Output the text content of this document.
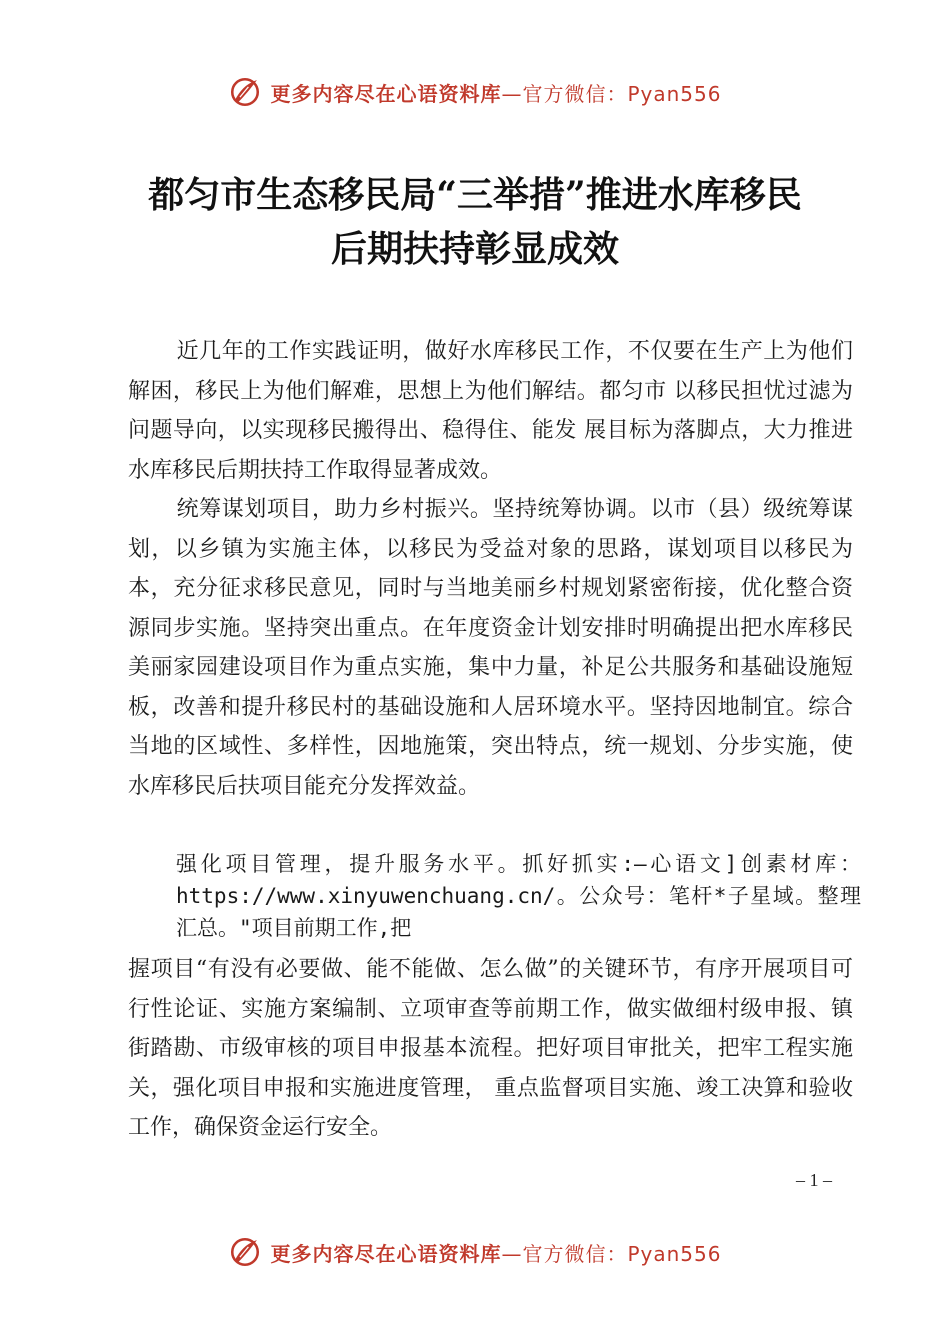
更多内容尽在心语资料库 —官方微信：Pyan556
都匀市生态移民局“三举措”推进水库移民
后期扶持彰显成效

近几年的工作实践证明，做好水库移民工作，不仅要在生产上为他们解困，移民上为他们解难，思想上为他们解结。都匀市 以移民担忧过滤为问题导向，以实现移民搬得出、稳得住、能发 展目标为落脚点，大力推进水库移民后期扶持工作取得显著成效。

统筹谋划项目，助力乡村振兴。坚持统筹协调。以市（县）级统筹谋划，以乡镇为实施主体，以移民为受益对象的思路，谋划项目以移民为本，充分征求移民意见，同时与当地美丽乡村规划紧密衔接，优化整合资源同步实施。坚持突出重点。在年度资金计划安排时明确提出把水库移民美丽家园建设项目作为重点实施，集中力量，补足公共服务和基础设施短板，改善和提升移民村的基础设施和人居环境水平。坚持因地制宜。综合当地的区域性、多样性，因地施策，突出特点，统一规划、分步实施，使水库移民后扶项目能充分发挥效益。

强化项目管理，提升服务水平。抓好抓实:—心语文]创素材库：https://www.xinyuwenchuang.cn/。公众号：笔杆*子星域。整理汇总。"项目前期工作,把

握项目“有没有必要做、能不能做、怎么做”的关键环节，有序开展项目可行性论证、实施方案编制、立项审查等前期工作，做实做细村级申报、镇街踏勘、市级审核的项目申报基本流程。把好项目审批关，把牢工程实施关，强化项目申报和实施进度管理， 重点监督项目实施、竣工决算和验收工作，确保资金运行安全。

– 1 –
更多内容尽在心语资料库 —官方微信：Pyan556
